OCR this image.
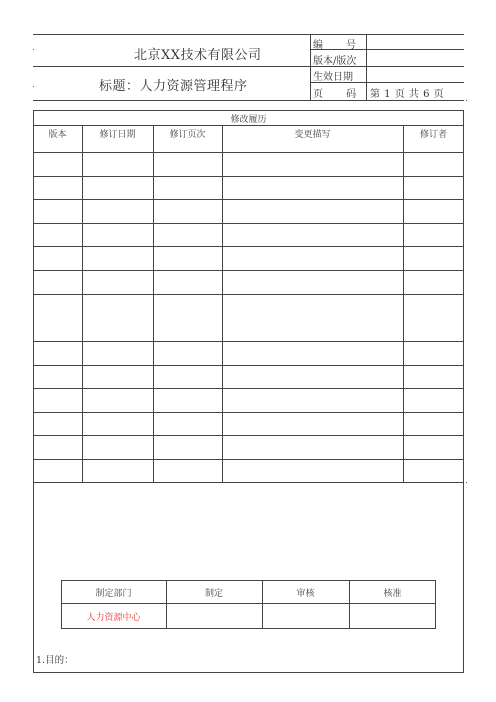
北京XX技术有限公司
标题：人力资源管理程序
编 号
版本/版次
生效日期
页 码 第 1 页 共 6 页
修改履历
版本	修订日期	修订页次	变更描写	修订者
制定部门	制定	审核	核准
人力资源中心
1.目的：
